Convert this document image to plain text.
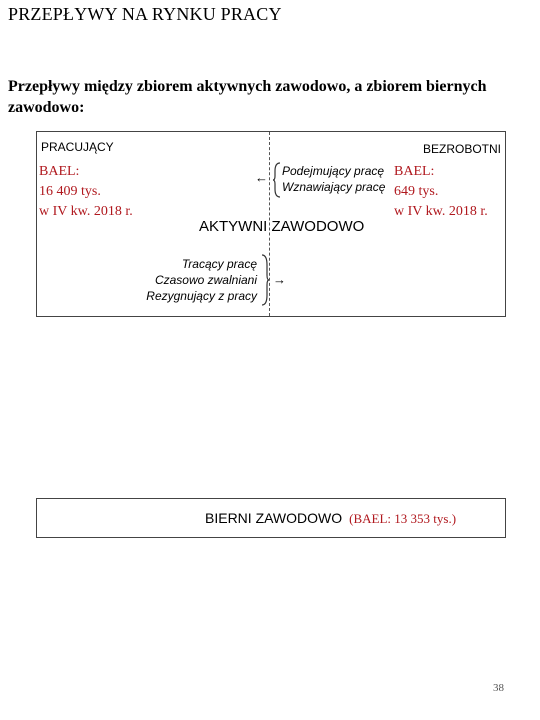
PRZEPŁYWY NA RYNKU PRACY
Przepływy między zbiorem aktywnych zawodowo, a zbiorem biernych zawodowo:
PRACUJĄCY	BEZROBOTNI
BAEL:
16 409 tys.
w IV kw. 2018 r.
BAEL:
649 tys.
w IV kw. 2018 r.
← Podejmujący pracę
Wznawiający pracę
AKTYWNI ZAWODOWO
Tracący pracę
Czasowo zwalniani
Rezygnujący z pracy
→
BIERNI ZAWODOWO (BAEL: 13 353 tys.)
38
